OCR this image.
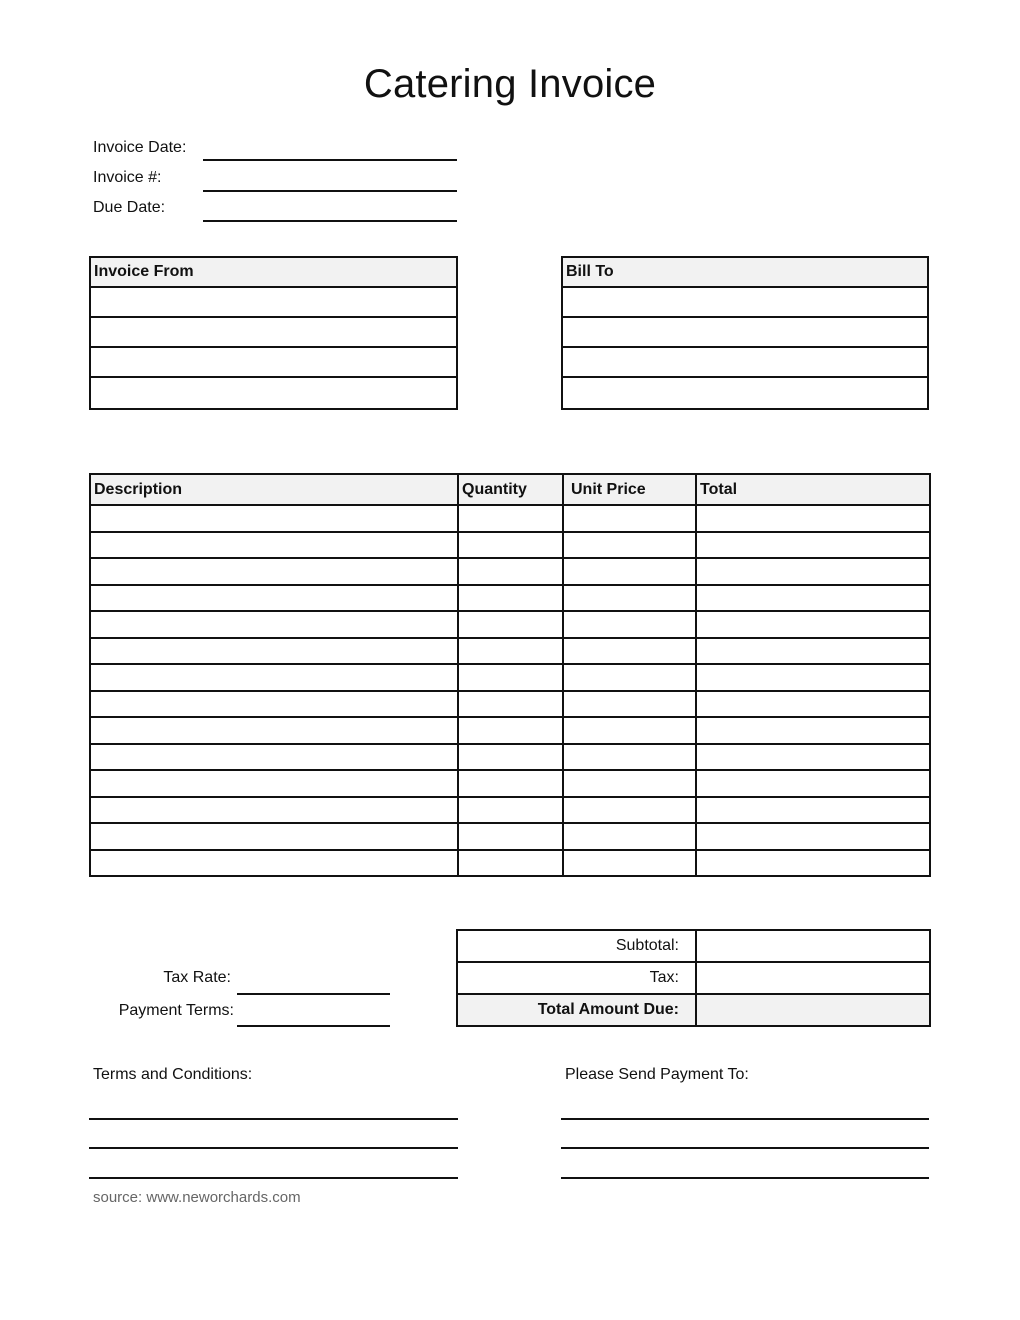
Catering Invoice
Invoice Date:
Invoice #:
Due Date:
Invoice From	Bill To
Description	Quantity	Unit Price	Total

Subtotal:	
Tax:	
Total Amount Due:	
Tax Rate:
Payment Terms:
Terms and Conditions:	Please Send Payment To:
source: www.neworchards.com
